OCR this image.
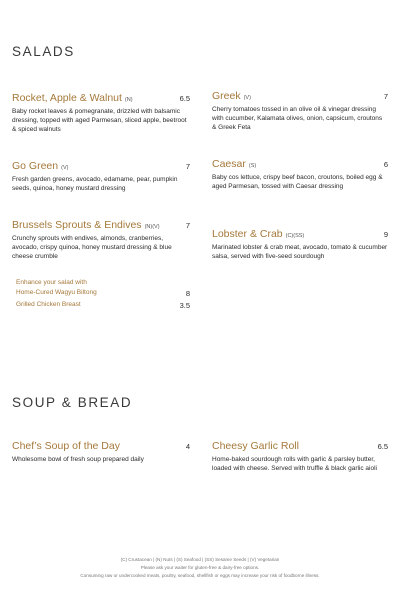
SALADS
Rocket, Apple & Walnut (N)	6.5
Baby rocket leaves & pomegranate, drizzled with balsamic dressing, topped with aged Parmesan, sliced apple, beetroot & spiced walnuts
Go Green (V)	7
Fresh garden greens, avocado, edamame, pear, pumpkin seeds, quinoa, honey mustard dressing
Brussels Sprouts & Endives (N)(V)	7
Crunchy sprouts with endives, almonds, cranberries, avocado, crispy quinoa, honey mustard dressing & blue cheese crumble
Enhance your salad with
Home-Cured Wagyu Biltong	8
Grilled Chicken Breast	3.5
Greek (V)	7
Cherry tomatoes tossed in an olive oil & vinegar dressing with cucumber, Kalamata olives, onion, capsicum, croutons & Greek Feta
Caesar (S)	6
Baby cos lettuce, crispy beef bacon, croutons, boiled egg & aged Parmesan, tossed with Caesar dressing
Lobster & Crab (C)(SS)	9
Marinated lobster & crab meat, avocado, tomato & cucumber salsa, served with five-seed sourdough
SOUP & BREAD
Chef’s Soup of the Day	4
Wholesome bowl of fresh soup prepared daily
Cheesy Garlic Roll	6.5
Home-baked sourdough rolls with garlic & parsley butter, loaded with cheese. Served with truffle & black garlic aioli
(C) Crustacean | (N) Nuts | (S) Seafood | (SS) Sesame Seeds | (V) Vegetarian
Please ask your waiter for gluten-free & dairy-free options.
Consuming raw or undercooked meats, poultry, seafood, shellfish or eggs may increase your risk of foodborne illness.
